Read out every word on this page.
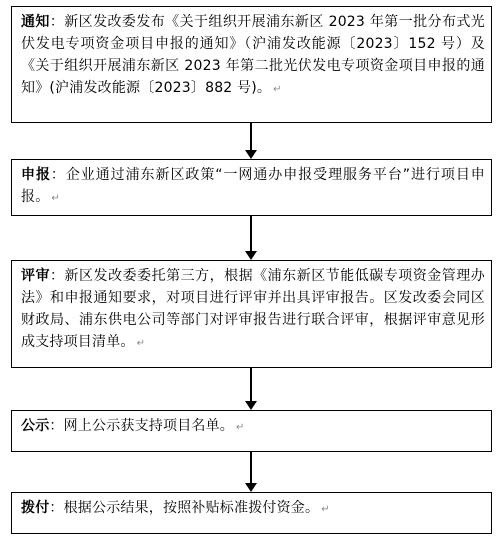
通知：新区发改委发布《关于组织开展浦东新区 2023 年第一批分布式光伏发电专项资金项目申报的通知》（沪浦发改能源〔2023〕152 号）及《关于组织开展浦东新区 2023 年第二批光伏发电专项资金项目申报的通知》(沪浦发改能源〔2023〕882 号)。 ↵
申报：企业通过浦东新区政策“一网通办申报受理服务平台”进行项目申报。 ↵
评审：新区发改委委托第三方，根据《浦东新区节能低碳专项资金管理办法》和申报通知要求，对项目进行评审并出具评审报告。区发改委会同区财政局、浦东供电公司等部门对评审报告进行联合评审，根据评审意见形成支持项目清单。 ↵
公示：网上公示获支持项目名单。 ↵
拨付：根据公示结果，按照补贴标准拨付资金。 ↵
